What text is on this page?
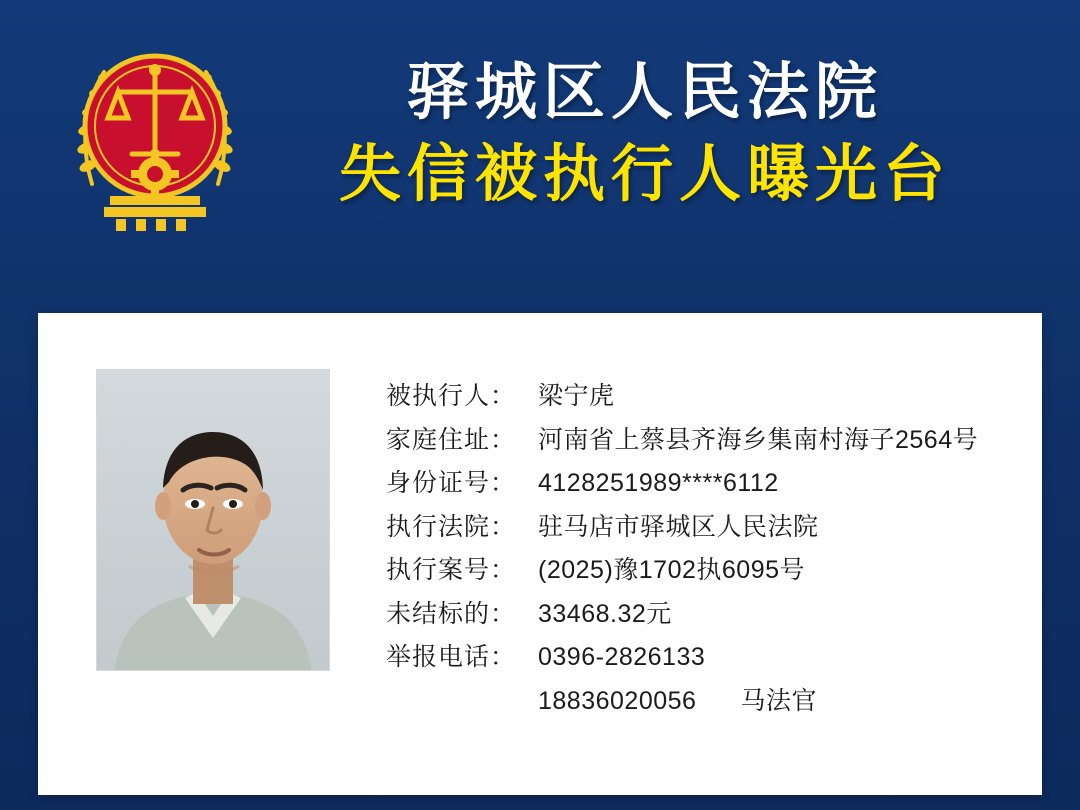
驿城区人民法院
失信被执行人曝光台
被执行人： 梁宁虎
家庭住址： 河南省上蔡县齐海乡集南村海子2564号
身份证号： 4128251989****6112
执行法院： 驻马店市驿城区人民法院
执行案号： (2025)豫1702执6095号
未结标的： 33468.32元
举报电话： 0396-2826133
18836020056 马法官
